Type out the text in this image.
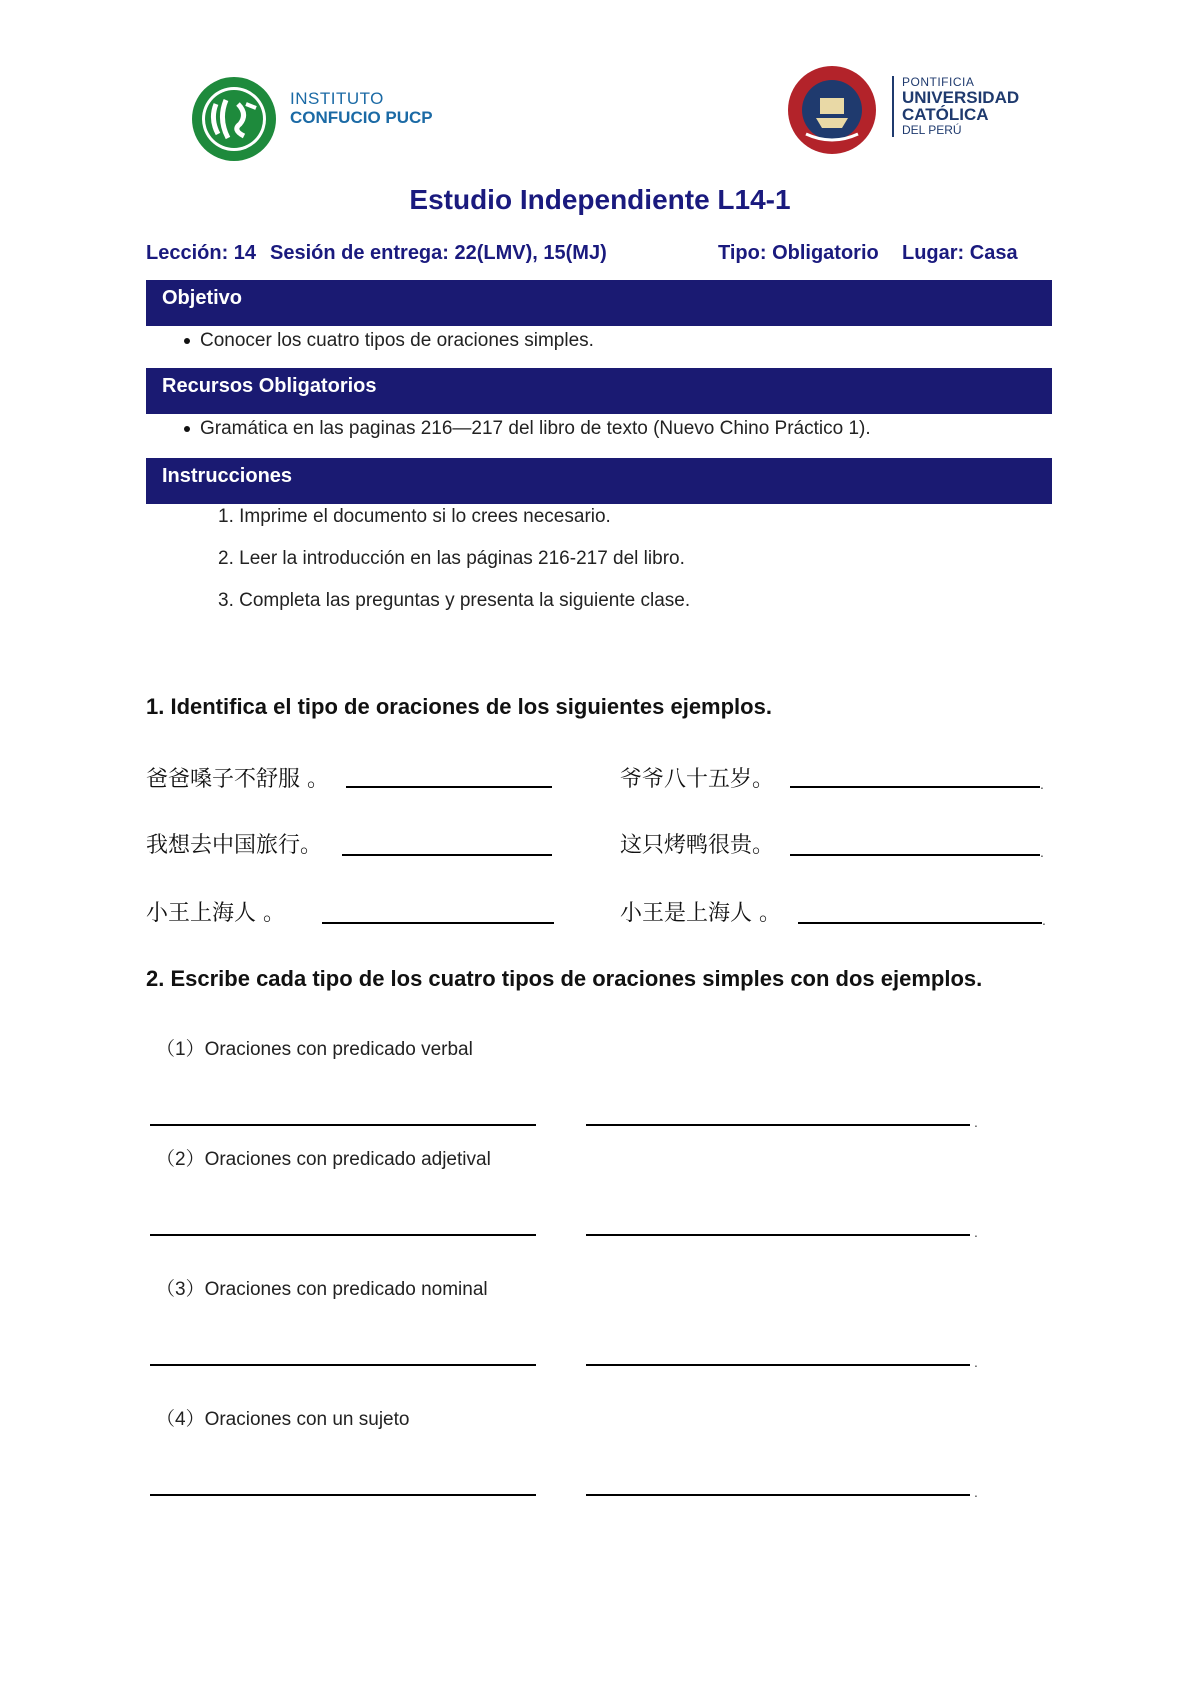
INSTITUTO
CONFUCIO PUCP
PONTIFICIA
UNIVERSIDAD
CATÓLICA
DEL PERÚ
Estudio Independiente L14-1
Lección: 14 Sesión de entrega: 22(LMV), 15(MJ)	Tipo: Obligatorio Lugar: Casa
Objetivo
Conocer los cuatro tipos de oraciones simples.
Recursos Obligatorios
Gramática en las paginas 216—217 del libro de texto (Nuevo Chino Práctico 1).
Instrucciones
1. Imprime el documento si lo crees necesario.
2. Leer la introducción en las páginas 216-217 del libro.
3. Completa las preguntas y presenta la siguiente clase.
1. Identifica el tipo de oraciones de los siguientes ejemplos.
爸爸嗓子不舒服 。	爷爷八十五岁。	.
我想去中国旅行。	这只烤鸭很贵。	.
小王上海人 。	小王是上海人 。	.
2. Escribe cada tipo de los cuatro tipos de oraciones simples con dos ejemplos.
（1）Oraciones con predicado verbal
.
（2）Oraciones con predicado adjetival
.
（3）Oraciones con predicado nominal
.
（4）Oraciones con un sujeto
.
